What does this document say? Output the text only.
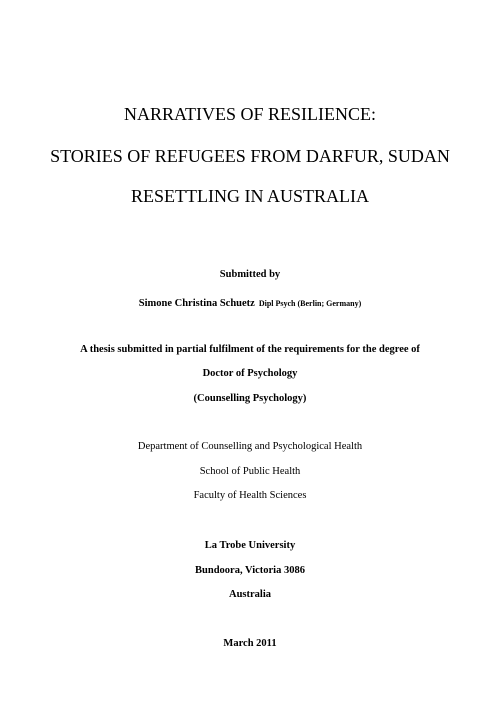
NARRATIVES OF RESILIENCE:
STORIES OF REFUGEES FROM DARFUR, SUDAN
RESETTLING IN AUSTRALIA
Submitted by
Simone Christina Schuetz Dipl Psych (Berlin; Germany)
A thesis submitted in partial fulfilment of the requirements for the degree of
Doctor of Psychology
(Counselling Psychology)
Department of Counselling and Psychological Health
School of Public Health
Faculty of Health Sciences
La Trobe University
Bundoora, Victoria 3086
Australia
March 2011
